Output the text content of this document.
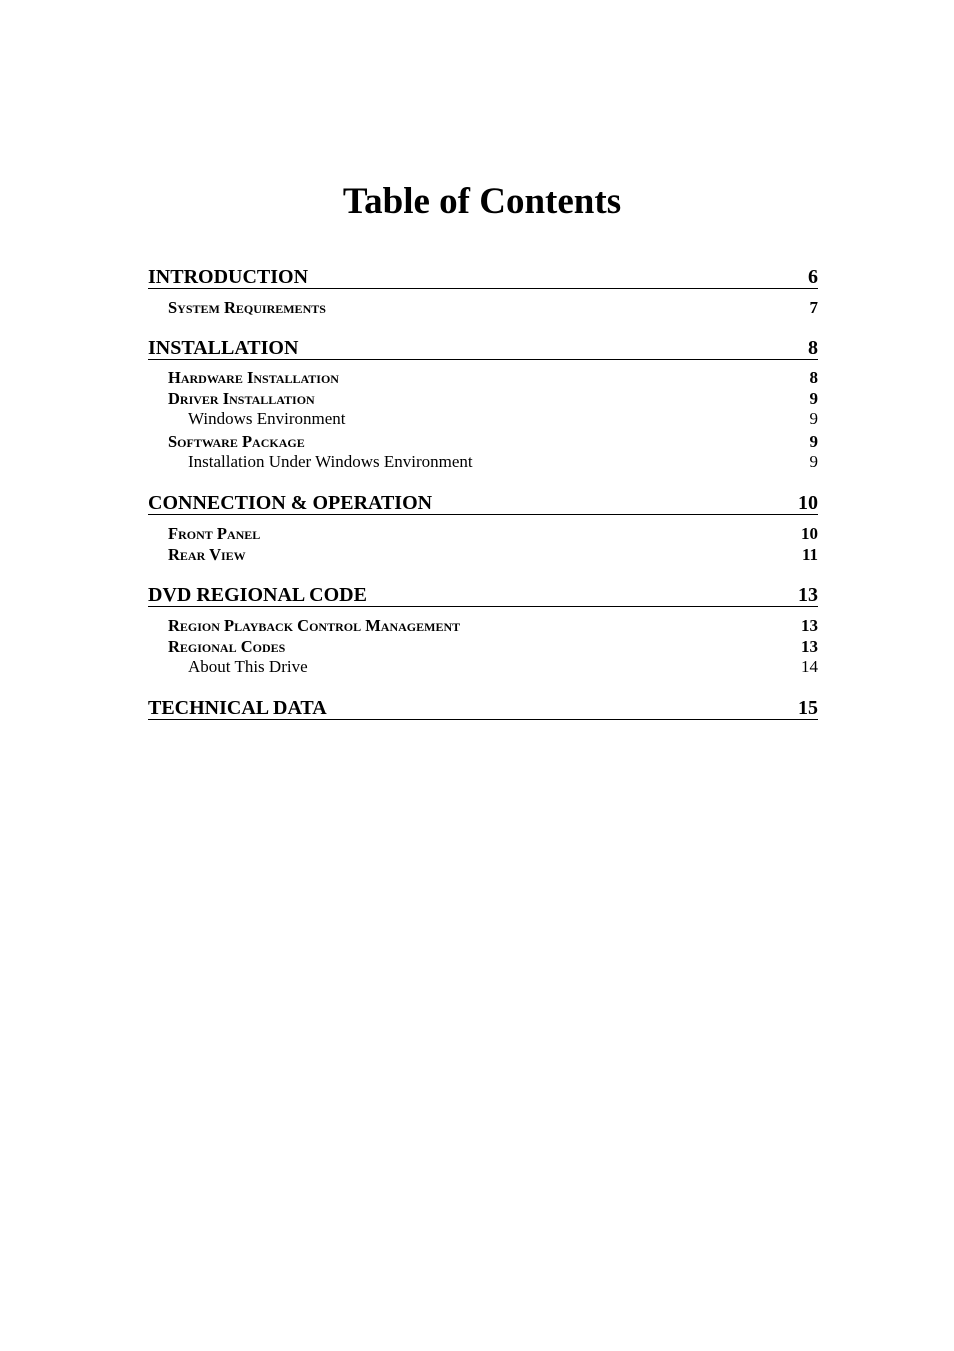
Table of Contents
INTRODUCTION	6
System Requirements	7
INSTALLATION	8
Hardware Installation	8
Driver Installation	9
Windows Environment	9
Software Package	9
Installation Under Windows Environment	9
CONNECTION & OPERATION	10
Front Panel	10
Rear View	11
DVD REGIONAL CODE	13
Region Playback Control Management	13
Regional Codes	13
About This Drive	14
TECHNICAL DATA	15
